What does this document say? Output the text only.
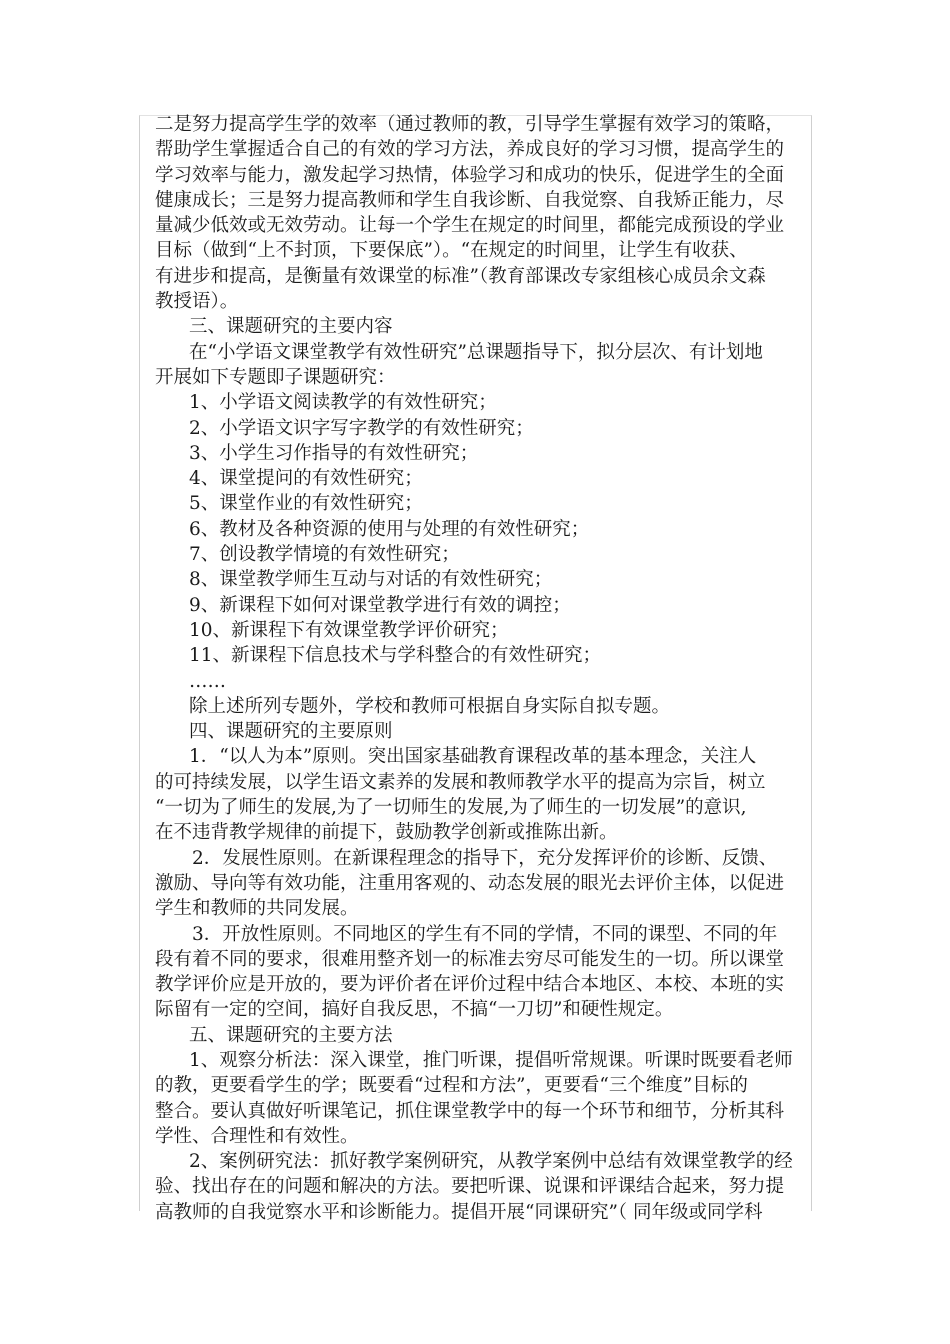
二是努力提高学生学的效率（通过教师的教，引导学生掌握有效学习的策略，
帮助学生掌握适合自己的有效的学习方法，养成良好的学习习惯，提高学生的
学习效率与能力，激发起学习热情，体验学习和成功的快乐，促进学生的全面
健康成长；三是努力提高教师和学生自我诊断、自我觉察、自我矫正能力，尽
量减少低效或无效劳动。让每一个学生在规定的时间里，都能完成预设的学业
目标（做到“上不封顶，下要保底”）。“在规定的时间里，让学生有收获、
有进步和提高，是衡量有效课堂的标准”（教育部课改专家组核心成员余文森
教授语）。
三、课题研究的主要内容
在“小学语文课堂教学有效性研究”总课题指导下，拟分层次、有计划地
开展如下专题即子课题研究：
1、小学语文阅读教学的有效性研究；
2、小学语文识字写字教学的有效性研究；
3、小学生习作指导的有效性研究；
4、课堂提问的有效性研究；
5、课堂作业的有效性研究；
6、教材及各种资源的使用与处理的有效性研究；
7、创设教学情境的有效性研究；
8、课堂教学师生互动与对话的有效性研究；
9、新课程下如何对课堂教学进行有效的调控；
10、新课程下有效课堂教学评价研究；
11、新课程下信息技术与学科整合的有效性研究；
……
除上述所列专题外，学校和教师可根据自身实际自拟专题。
四、课题研究的主要原则
1．“以人为本”原则。突出国家基础教育课程改革的基本理念，关注人
的可持续发展，以学生语文素养的发展和教师教学水平的提高为宗旨，树立
“一切为了师生的发展,为了一切师生的发展,为了师生的一切发展”的意识,
在不违背教学规律的前提下，鼓励教学创新或推陈出新。
2．发展性原则。在新课程理念的指导下，充分发挥评价的诊断、反馈、
激励、导向等有效功能，注重用客观的、动态发展的眼光去评价主体，以促进
学生和教师的共同发展。
3．开放性原则。不同地区的学生有不同的学情，不同的课型、不同的年
段有着不同的要求，很难用整齐划一的标准去穷尽可能发生的一切。所以课堂
教学评价应是开放的，要为评价者在评价过程中结合本地区、本校、本班的实
际留有一定的空间，搞好自我反思，不搞“一刀切”和硬性规定。
五、课题研究的主要方法
1、观察分析法：深入课堂，推门听课，提倡听常规课。听课时既要看老师
的教，更要看学生的学；既要看“过程和方法”，更要看“三个维度”目标的
整合。要认真做好听课笔记，抓住课堂教学中的每一个环节和细节，分析其科
学性、合理性和有效性。
2、案例研究法：抓好教学案例研究，从教学案例中总结有效课堂教学的经
验、找出存在的问题和解决的方法。要把听课、说课和评课结合起来，努力提
高教师的自我觉察水平和诊断能力。提倡开展“同课研究”（ 同年级或同学科
